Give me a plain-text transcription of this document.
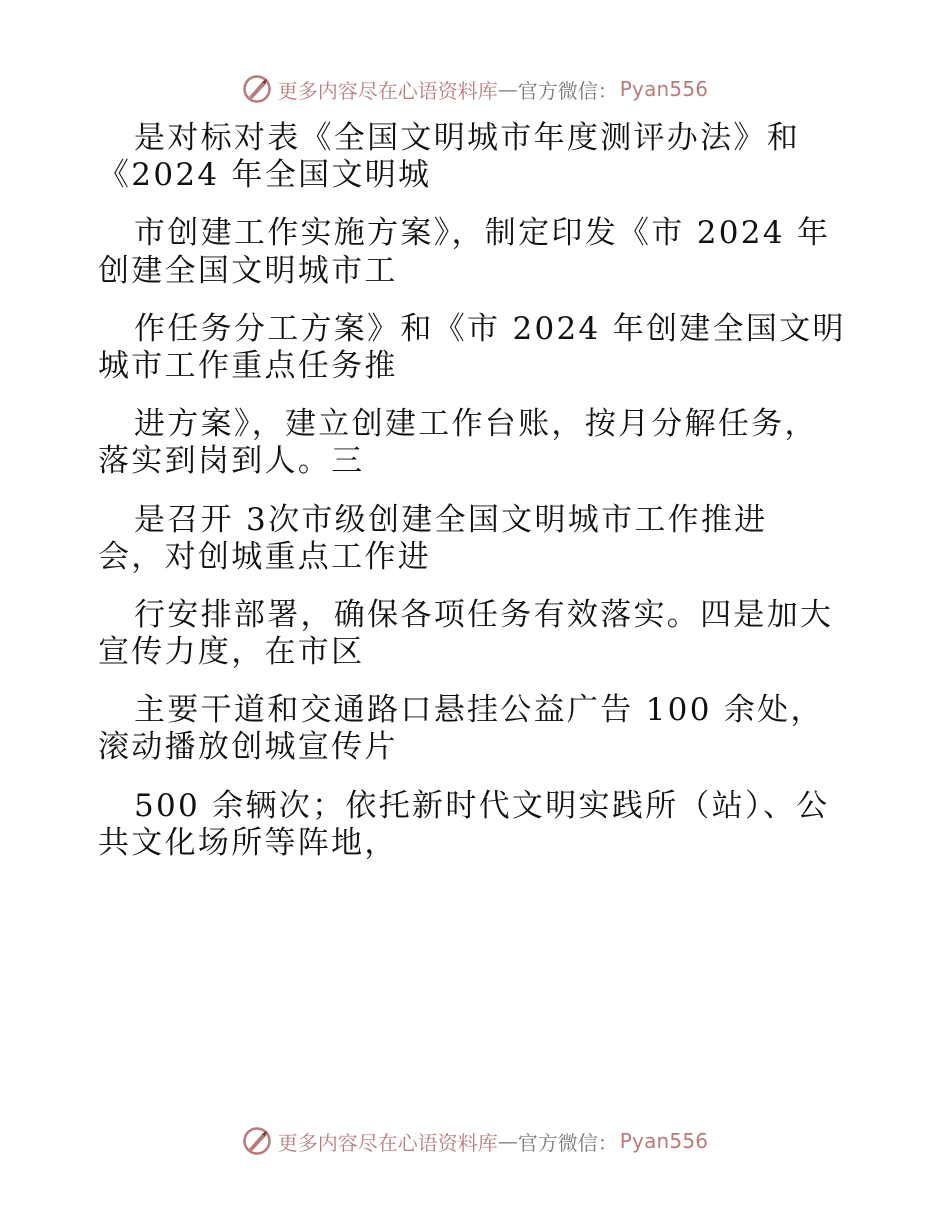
更多内容尽在心语资料库 — 官方微信： Pyan556
是对标对表《全国文明城市年度测评办法》和
《2024 年全国文明城
市创建工作实施方案》，制定印发《市 2024 年
创建全国文明城市工
作任务分工方案》和《市 2024 年创建全国文明
城市工作重点任务推
进方案》，建立创建工作台账，按月分解任务，
落实到岗到人。三
是召开 3次市级创建全国文明城市工作推进
会，对创城重点工作进
行安排部署，确保各项任务有效落实。四是加大
宣传力度，在市区
主要干道和交通路口悬挂公益广告 100 余处，
滚动播放创城宣传片
500 余辆次；依托新时代文明实践所（站）、公
共文化场所等阵地，
更多内容尽在心语资料库 — 官方微信： Pyan556
